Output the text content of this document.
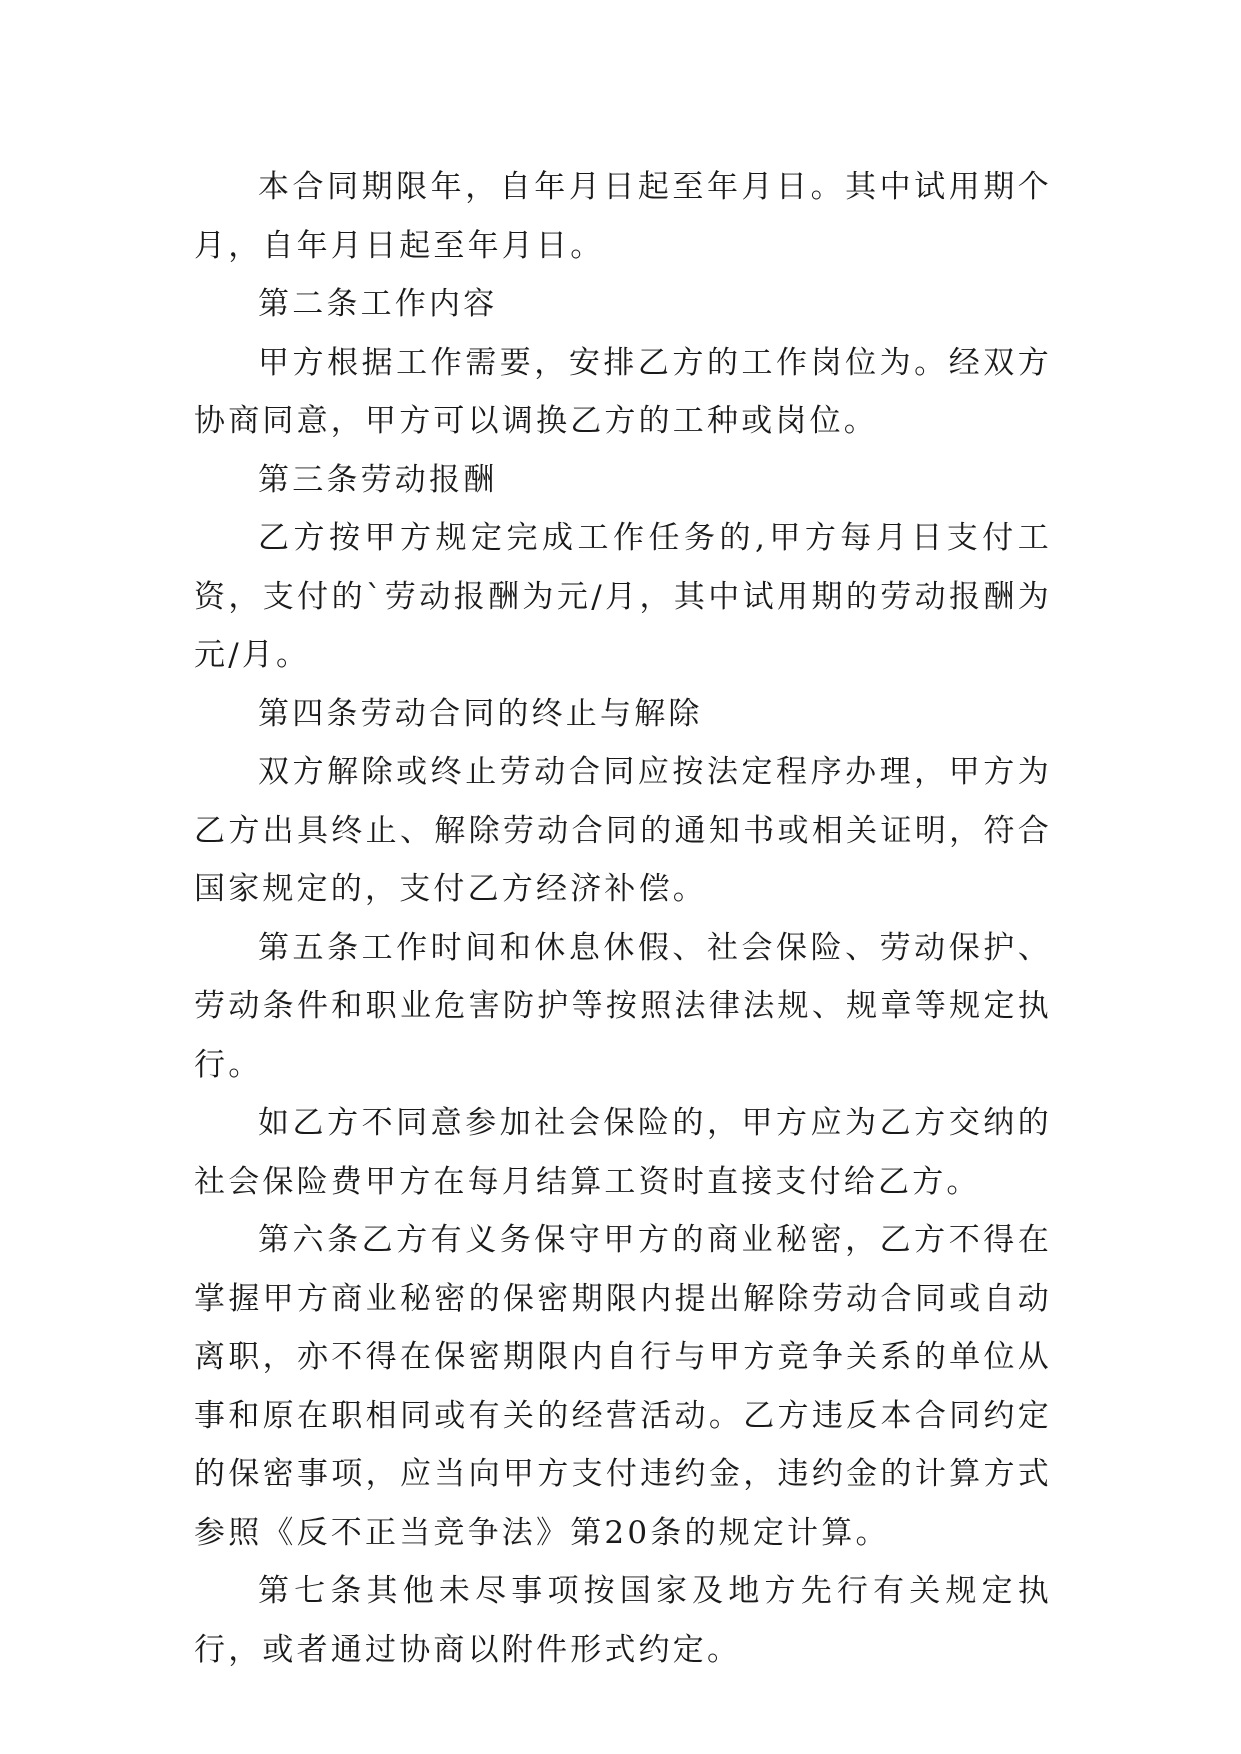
本合同期限年，自年月日起至年月日。其中试用期个月，自年月日起至年月日。

第二条工作内容

甲方根据工作需要，安排乙方的工作岗位为。经双方协商同意，甲方可以调换乙方的工种或岗位。

第三条劳动报酬

乙方按甲方规定完成工作任务的,甲方每月日支付工资，支付的`劳动报酬为元/月，其中试用期的劳动报酬为元/月。

第四条劳动合同的终止与解除

双方解除或终止劳动合同应按法定程序办理，甲方为乙方出具终止、解除劳动合同的通知书或相关证明，符合国家规定的，支付乙方经济补偿。

第五条工作时间和休息休假、社会保险、劳动保护、劳动条件和职业危害防护等按照法律法规、规章等规定执行。

如乙方不同意参加社会保险的，甲方应为乙方交纳的社会保险费甲方在每月结算工资时直接支付给乙方。

第六条乙方有义务保守甲方的商业秘密，乙方不得在掌握甲方商业秘密的保密期限内提出解除劳动合同或自动离职，亦不得在保密期限内自行与甲方竞争关系的单位从事和原在职相同或有关的经营活动。乙方违反本合同约定的保密事项，应当向甲方支付违约金，违约金的计算方式参照《反不正当竞争法》第20条的规定计算。

第七条其他未尽事项按国家及地方先行有关规定执行，或者通过协商以附件形式约定。
